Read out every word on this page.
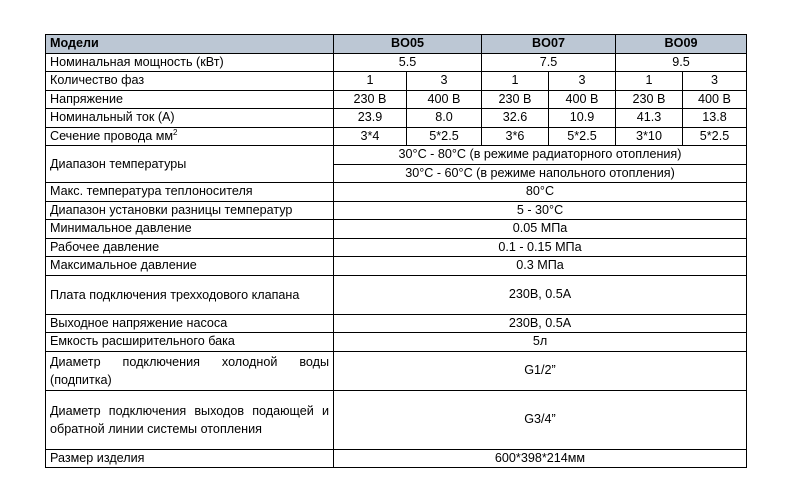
Модели	BO05		BO07		BO09	
Номинальная мощность (кВт)	5.5		7.5		9.5	
Количество фаз	1	3	1	3	1	3
Напряжение	230 В	400 В	230 В	400 В	230 В	400 В
Номинальный ток (А)	23.9	8.0	32.6	10.9	41.3	13.8
Сечение провода $мм^2$	3*4	5*2.5	3*6	5*2.5	3*10	5*2.5
Диапазон температуры	30°C - 80°C (в режиме радиаторного отопления)					
	30°C - 60°C (в режиме напольного отопления)					
Макс. температура теплоносителя	80°C					
Диапазон установки разницы температур	5 - 30°C					
Минимальное давление	0.05 МПа					
Рабочее давление	0.1 - 0.15 МПа					
Максимальное давление	0.3 МПа					
Плата подключения трехходового клапана	230В, 0.5А					
Выходное напряжение насоса	230В, 0.5А					
Емкость расширительного бака	5л					
Диаметр подключения холодной воды (подпитка)	G1/2”					
Диаметр подключения выходов подающей и обратной линии системы отопления	G3/4”					
Размер изделия	600*398*214мм					
